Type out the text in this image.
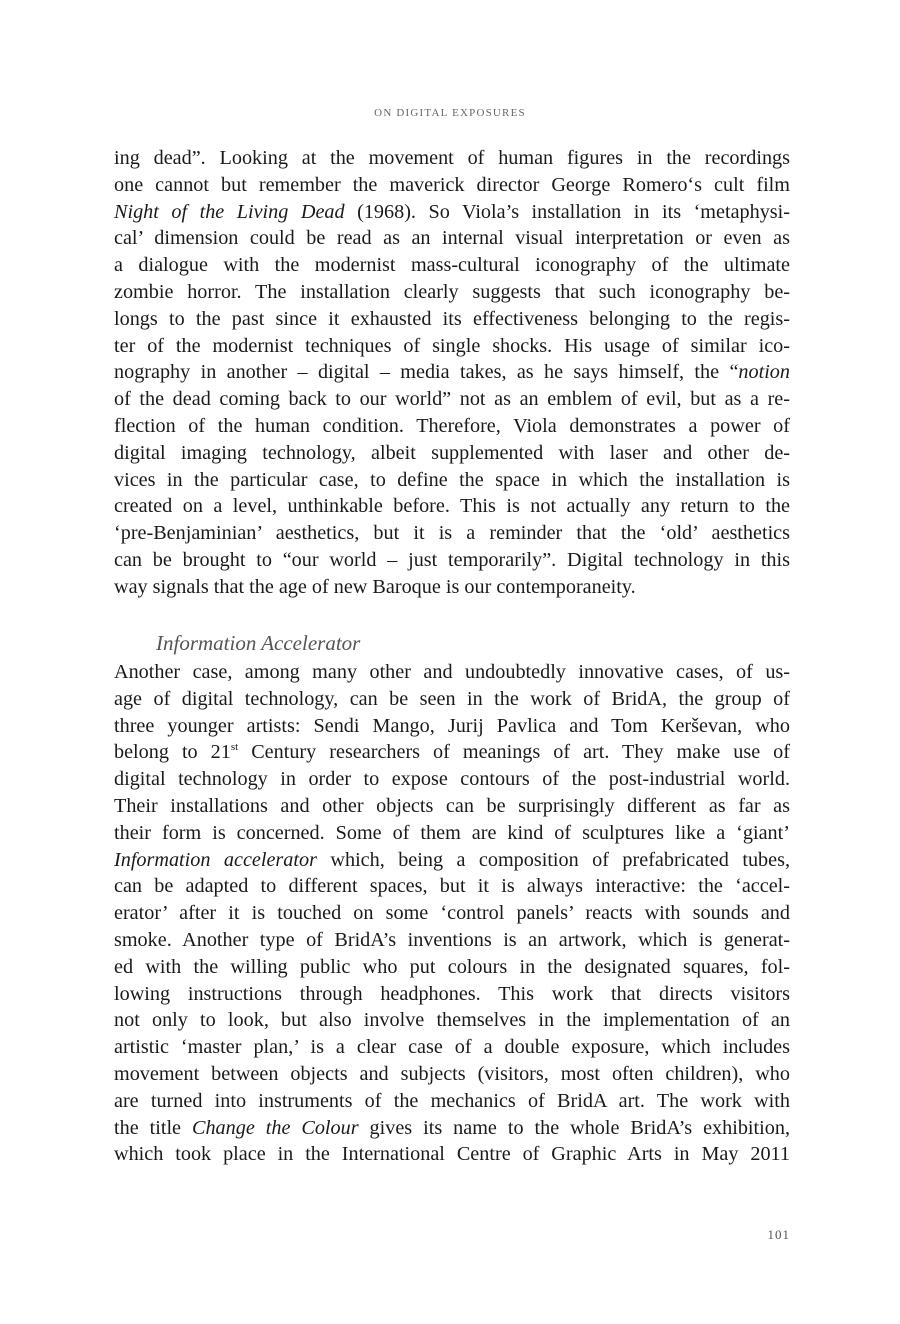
ON DIGITAL EXPOSURES
ing dead”. Looking at the movement of human figures in the recordings
one cannot but remember the maverick director George Romero‘s cult film
Night of the Living Dead (1968). So Viola’s installation in its ‘metaphysi-
cal’ dimension could be read as an internal visual interpretation or even as
a dialogue with the modernist mass-cultural iconography of the ultimate
zombie horror. The installation clearly suggests that such iconography be-
longs to the past since it exhausted its effectiveness belonging to the regis-
ter of the modernist techniques of single shocks. His usage of similar ico-
nography in another – digital – media takes, as he says himself, the “notion
of the dead coming back to our world” not as an emblem of evil, but as a re-
flection of the human condition. Therefore, Viola demonstrates a power of
digital imaging technology, albeit supplemented with laser and other de-
vices in the particular case, to define the space in which the installation is
created on a level, unthinkable before. This is not actually any return to the
‘pre-Benjaminian’ aesthetics, but it is a reminder that the ‘old’ aesthetics
can be brought to “our world – just temporarily”. Digital technology in this
way signals that the age of new Baroque is our contemporaneity.
Information Accelerator
Another case, among many other and undoubtedly innovative cases, of us-
age of digital technology, can be seen in the work of BridA, the group of
three younger artists: Sendi Mango, Jurij Pavlica and Tom Kerševan, who
belong to 21st Century researchers of meanings of art. They make use of
digital technology in order to expose contours of the post-industrial world.
Their installations and other objects can be surprisingly different as far as
their form is concerned. Some of them are kind of sculptures like a ‘giant’
Information accelerator which, being a composition of prefabricated tubes,
can be adapted to different spaces, but it is always interactive: the ‘accel-
erator’ after it is touched on some ‘control panels’ reacts with sounds and
smoke. Another type of BridA’s inventions is an artwork, which is generat-
ed with the willing public who put colours in the designated squares, fol-
lowing instructions through headphones. This work that directs visitors
not only to look, but also involve themselves in the implementation of an
artistic ‘master plan,’ is a clear case of a double exposure, which includes
movement between objects and subjects (visitors, most often children), who
are turned into instruments of the mechanics of BridA art. The work with
the title Change the Colour gives its name to the whole BridA’s exhibition,
which took place in the International Centre of Graphic Arts in May 2011
101
